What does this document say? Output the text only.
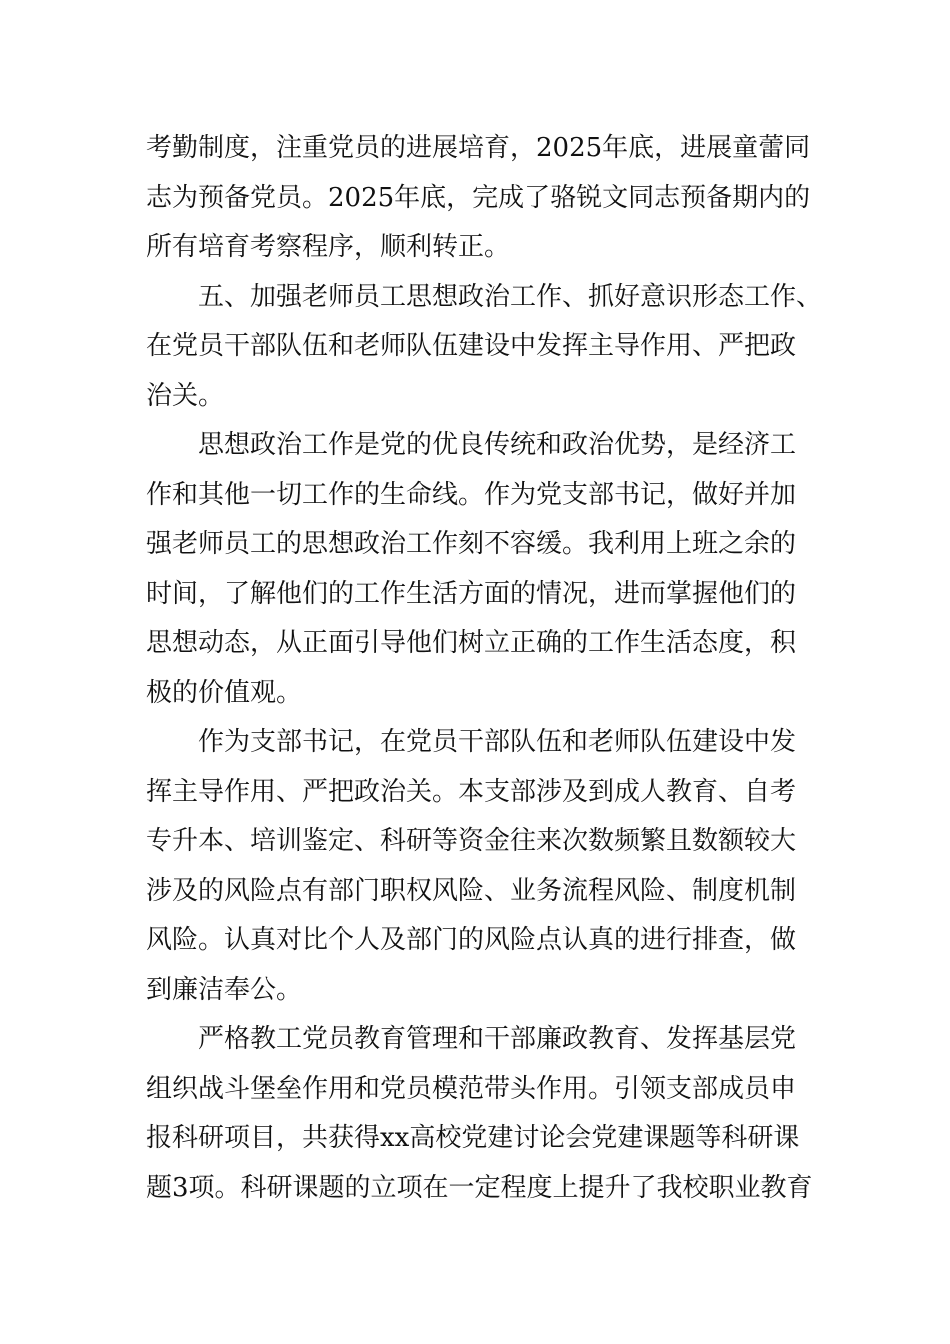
考勤制度，注重党员的进展培育，2025年底，进展童蕾同
志为预备党员。2025年底，完成了骆锐文同志预备期内的
所有培育考察程序，顺利转正。
五、加强老师员工思想政治工作、抓好意识形态工作、
在党员干部队伍和老师队伍建设中发挥主导作用、严把政
治关。
思想政治工作是党的优良传统和政治优势，是经济工
作和其他一切工作的生命线。作为党支部书记，做好并加
强老师员工的思想政治工作刻不容缓。我利用上班之余的
时间，了解他们的工作生活方面的情况，进而掌握他们的
思想动态，从正面引导他们树立正确的工作生活态度，积
极的价值观。
作为支部书记，在党员干部队伍和老师队伍建设中发
挥主导作用、严把政治关。本支部涉及到成人教育、自考
专升本、培训鉴定、科研等资金往来次数频繁且数额较大
涉及的风险点有部门职权风险、业务流程风险、制度机制
风险。认真对比个人及部门的风险点认真的进行排查，做
到廉洁奉公。
严格教工党员教育管理和干部廉政教育、发挥基层党
组织战斗堡垒作用和党员模范带头作用。引领支部成员申
报科研项目，共获得xx高校党建讨论会党建课题等科研课
题3项。科研课题的立项在一定程度上提升了我校职业教育
